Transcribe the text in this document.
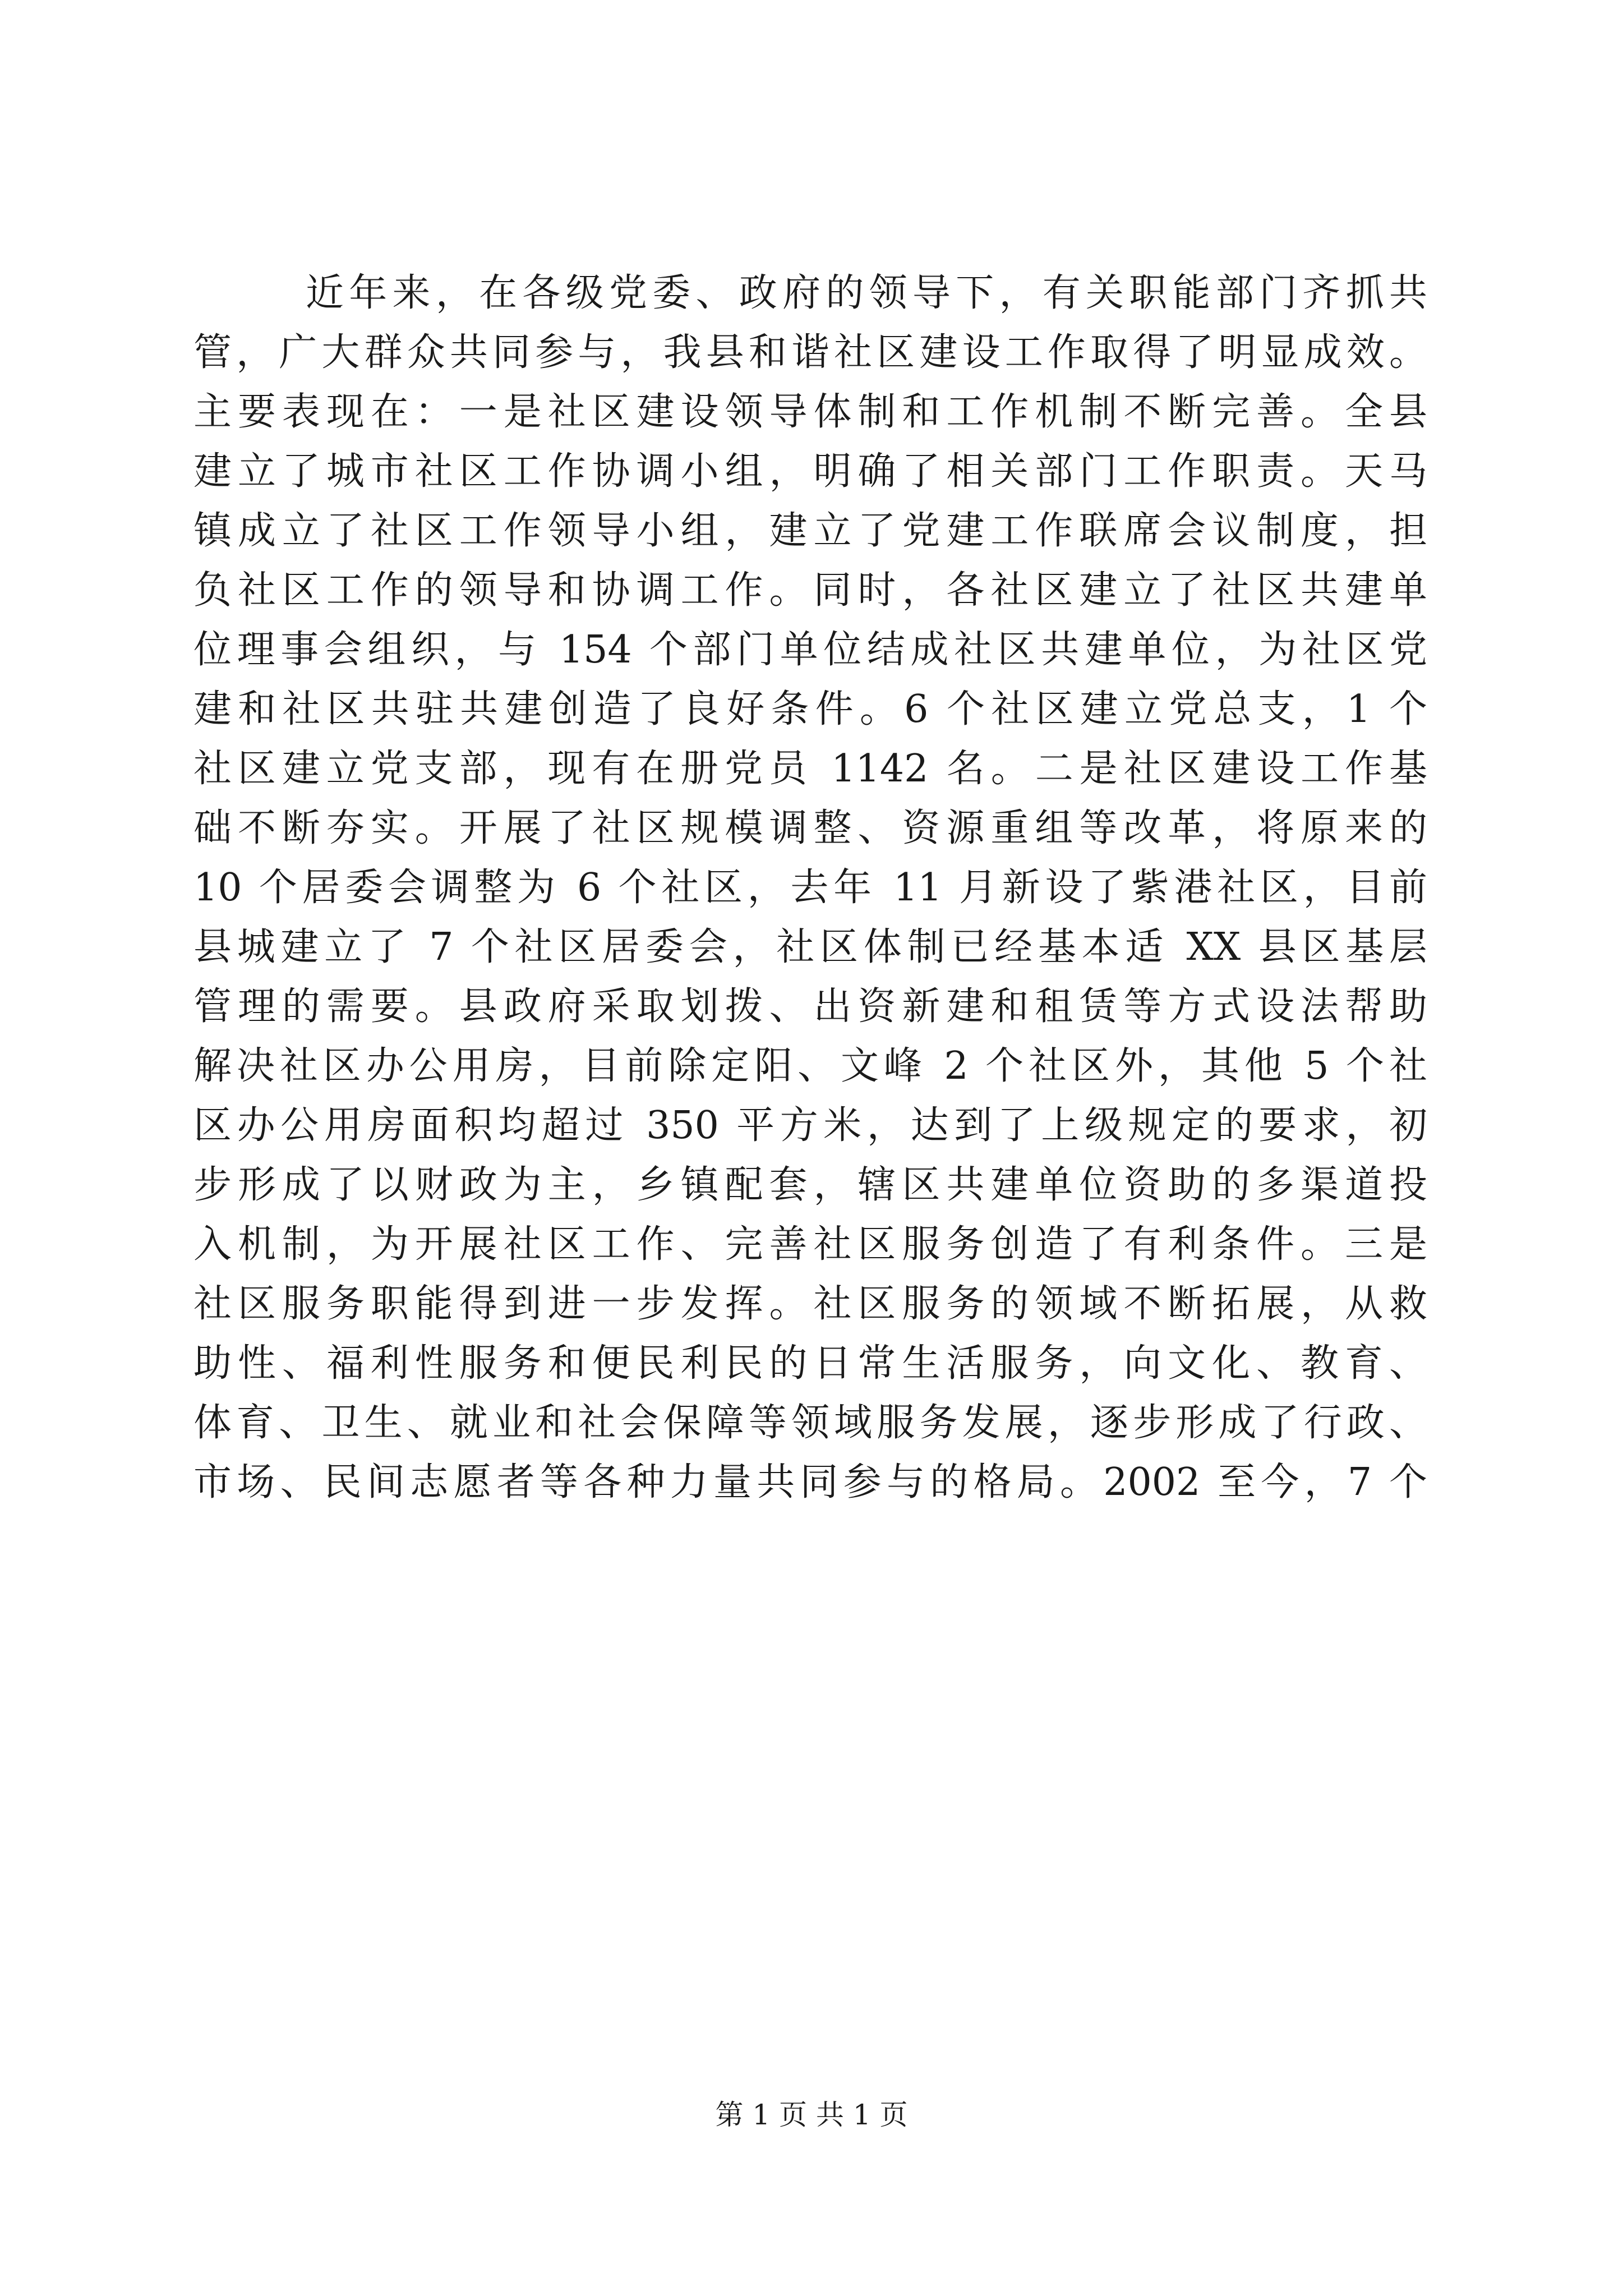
近年来，在各级党委、政府的领导下，有关职能部门齐抓共
管，广大群众共同参与，我县和谐社区建设工作取得了明显成效。
主要表现在：一是社区建设领导体制和工作机制不断完善。全县
建立了城市社区工作协调小组，明确了相关部门工作职责。天马
镇成立了社区工作领导小组，建立了党建工作联席会议制度，担
负社区工作的领导和协调工作。同时，各社区建立了社区共建单
位理事会组织，与 154 个部门单位结成社区共建单位，为社区党
建和社区共驻共建创造了良好条件。6 个社区建立党总支，1 个
社区建立党支部，现有在册党员 1142 名。二是社区建设工作基
础不断夯实。开展了社区规模调整、资源重组等改革，将原来的
10 个居委会调整为 6 个社区，去年 11 月新设了紫港社区，目前
县城建立了 7 个社区居委会，社区体制已经基本适 XX 县区基层
管理的需要。县政府采取划拨、出资新建和租赁等方式设法帮助
解决社区办公用房，目前除定阳、文峰 2 个社区外，其他 5 个社
区办公用房面积均超过 350 平方米，达到了上级规定的要求，初
步形成了以财政为主，乡镇配套，辖区共建单位资助的多渠道投
入机制，为开展社区工作、完善社区服务创造了有利条件。三是
社区服务职能得到进一步发挥。社区服务的领域不断拓展，从救
助性、福利性服务和便民利民的日常生活服务，向文化、教育、
体育、卫生、就业和社会保障等领域服务发展，逐步形成了行政、
市场、民间志愿者等各种力量共同参与的格局。2002 至今，7 个
第 1 页 共 1 页
